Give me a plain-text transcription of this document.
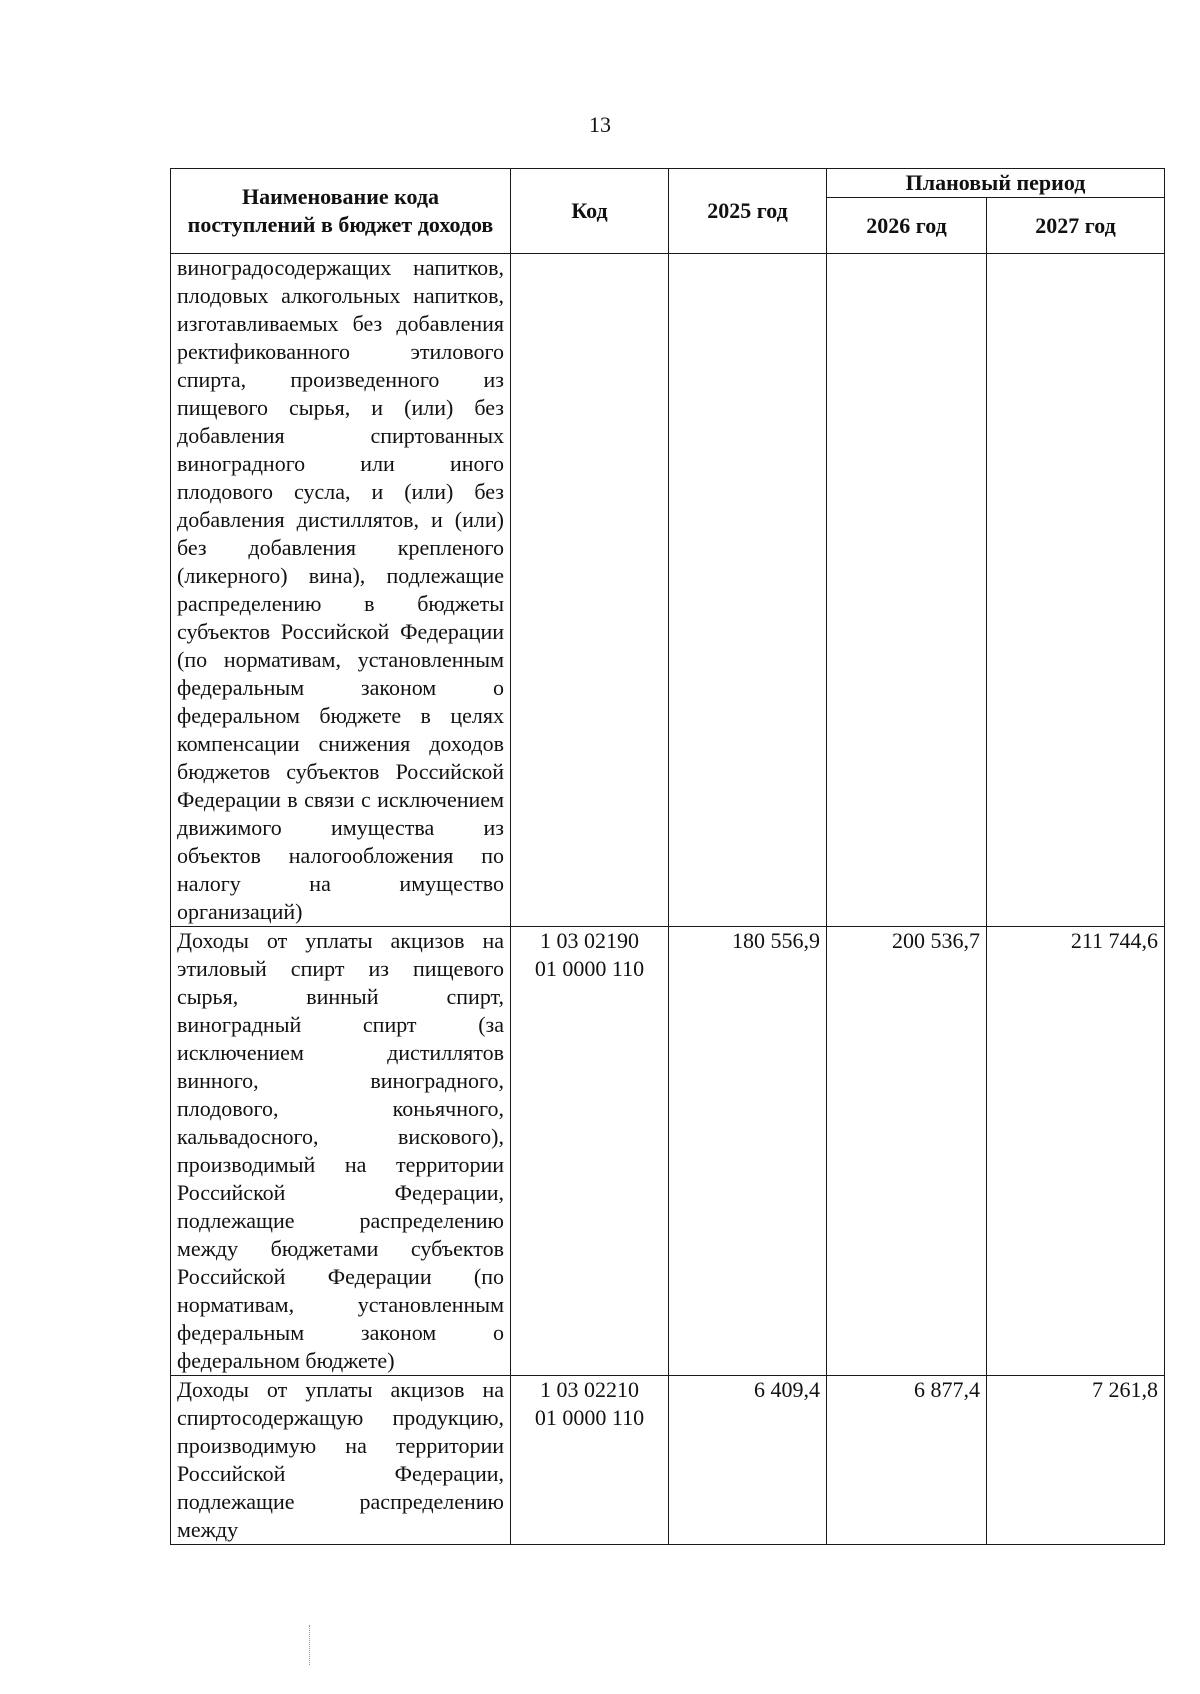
13
Наименование кода поступлений в бюджет доходов	Код	2025 год	Плановый период	
			2026 год	2027 год
виноградосодержащих напитков, плодовых алкогольных напитков, изготавливаемых без добавления ректификованного этилового спирта, произведенного из пищевого сырья, и (или) без добавления спиртованных виноградного или иного плодового сусла, и (или) без добавления дистиллятов, и (или) без добавления крепленого (ликерного) вина), подлежащие распределению в бюджеты субъектов Российской Федерации (по нормативам, установленным федеральным законом о федеральном бюджете в целях компенсации снижения доходов бюджетов субъектов Российской Федерации в связи с исключением движимого имущества из объектов налогообложения по налогу на имущество организаций)	

Доходы от уплаты акцизов на этиловый спирт из пищевого сырья, винный спирт, виноградный спирт (за исключением дистиллятов винного, виноградного, плодового, коньячного, кальвадосного, вискового), производимый на территории Российской Федерации, подлежащие распределению между бюджетами субъектов Российской Федерации (по нормативам, установленным федеральным законом о федеральном бюджете)	1 03 02190
01 0000 110	180 556,9	200 536,7	211 744,6
Доходы от уплаты акцизов на спиртосодержащую продукцию, производимую на территории Российской Федерации, подлежащие распределению между	1 03 02210
01 0000 110	6 409,4	6 877,4	7 261,8
